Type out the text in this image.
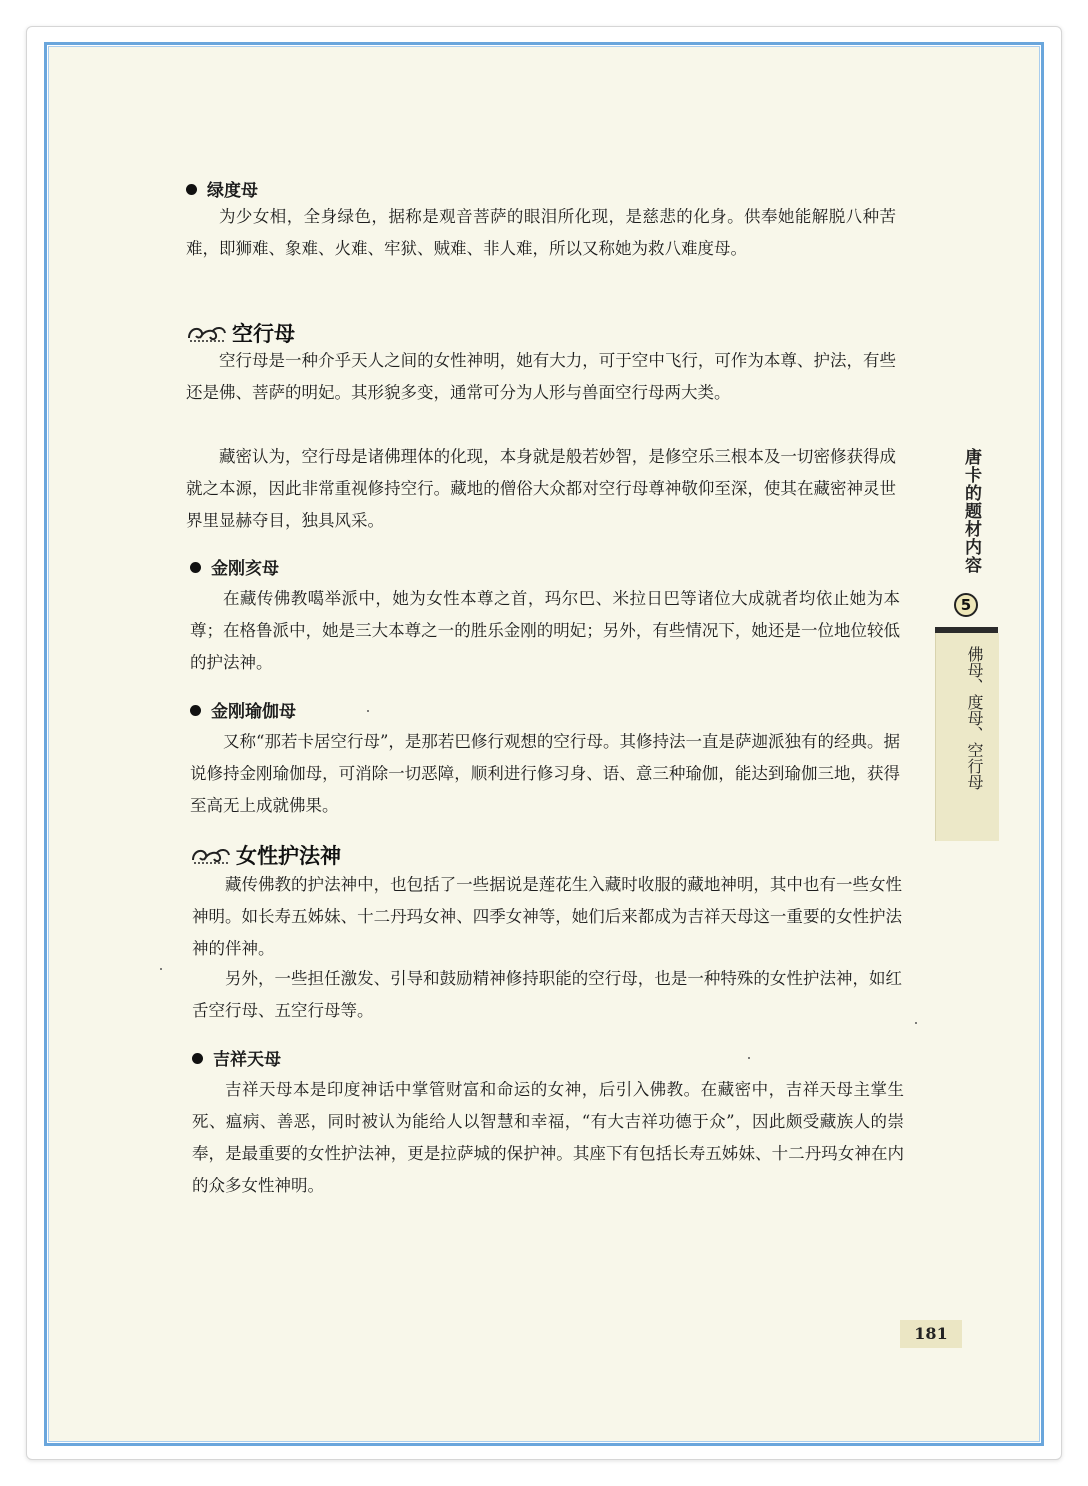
绿度母

为少女相，全身绿色，据称是观音菩萨的眼泪所化现，是慈悲的化身。供奉她能解脱八种苦难，即狮难、象难、火难、牢狱、贼难、非人难，所以又称她为救八难度母。

空行母

空行母是一种介乎天人之间的女性神明，她有大力，可于空中飞行，可作为本尊、护法，有些还是佛、菩萨的明妃。其形貌多变，通常可分为人形与兽面空行母两大类。

藏密认为，空行母是诸佛理体的化现，本身就是般若妙智，是修空乐三根本及一切密修获得成就之本源，因此非常重视修持空行。藏地的僧俗大众都对空行母尊神敬仰至深，使其在藏密神灵世界里显赫夺目，独具风采。

金刚亥母

在藏传佛教噶举派中，她为女性本尊之首，玛尔巴、米拉日巴等诸位大成就者均依止她为本尊；在格鲁派中，她是三大本尊之一的胜乐金刚的明妃；另外，有些情况下，她还是一位地位较低的护法神。

金刚瑜伽母

又称“那若卡居空行母”，是那若巴修行观想的空行母。其修持法一直是萨迦派独有的经典。据说修持金刚瑜伽母，可消除一切恶障，顺利进行修习身、语、意三种瑜伽，能达到瑜伽三地，获得至高无上成就佛果。

女性护法神

藏传佛教的护法神中，也包括了一些据说是莲花生入藏时收服的藏地神明，其中也有一些女性神明。如长寿五姊妹、十二丹玛女神、四季女神等，她们后来都成为吉祥天母这一重要的女性护法神的伴神。

另外，一些担任激发、引导和鼓励精神修持职能的空行母，也是一种特殊的女性护法神，如红舌空行母、五空行母等。

吉祥天母

吉祥天母本是印度神话中掌管财富和命运的女神，后引入佛教。在藏密中，吉祥天母主掌生死、瘟病、善恶，同时被认为能给人以智慧和幸福，“有大吉祥功德于众”，因此颇受藏族人的崇奉，是最重要的女性护法神，更是拉萨城的保护神。其座下有包括长寿五姊妹、十二丹玛女神在内的众多女性神明。

唐卡的题材内容
5
佛母、度母、空行母
181
